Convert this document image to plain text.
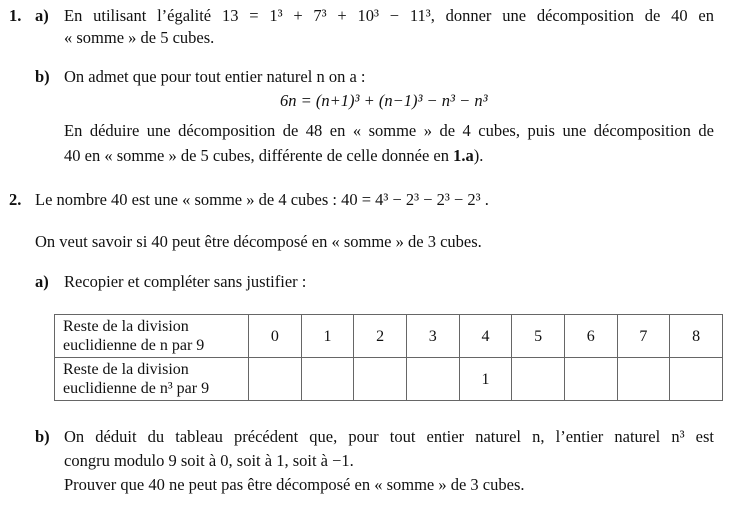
1. a) En utilisant l’égalité 13 = 1³ + 7³ + 10³ − 11³, donner une décomposition de 40 en
« somme » de 5 cubes.
b) On admet que pour tout entier naturel n on a :
6n = (n+1)³ + (n−1)³ − n³ − n³
En déduire une décomposition de 48 en « somme » de 4 cubes, puis une décomposition de
40 en « somme » de 5 cubes, différente de celle donnée en 1.a).
2. Le nombre 40 est une « somme » de 4 cubes : 40 = 4³ − 2³ − 2³ − 2³ .
On veut savoir si 40 peut être décomposé en « somme » de 3 cubes.
a) Recopier et compléter sans justifier :
Reste de la division
euclidienne de n par 9	0	1	2	3	4	5	6	7	8

Reste de la division
euclidienne de n³ par 9					1				
b) On déduit du tableau précédent que, pour tout entier naturel n, l’entier naturel n³ est
congru modulo 9 soit à 0, soit à 1, soit à −1.
Prouver que 40 ne peut pas être décomposé en « somme » de 3 cubes.
